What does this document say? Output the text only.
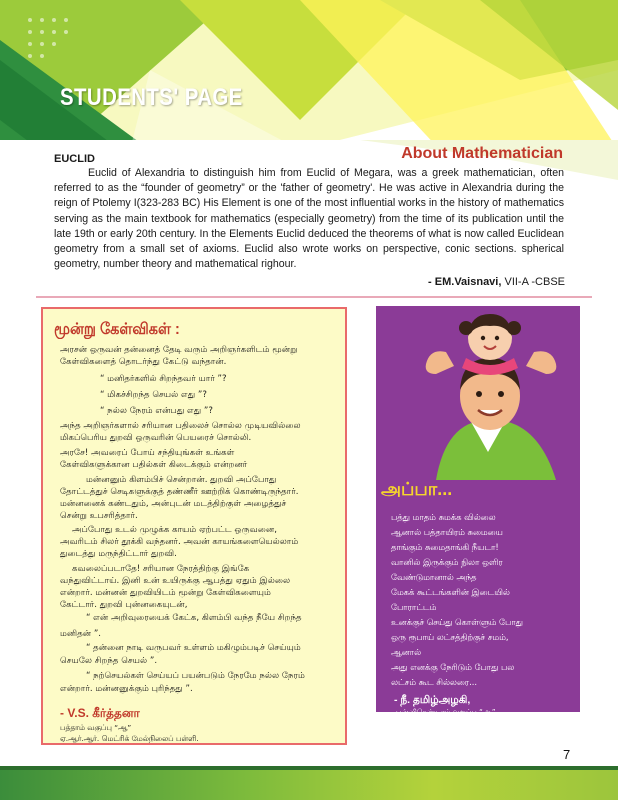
STUDENTS' PAGE
EUCLID	About Mathematician

Euclid of Alexandria to distinguish him from Euclid of Megara, was a greek mathematician, often referred to as the “founder of geometry” or the 'father of geometry'. He was active in Alexandria during the reign of Ptolemy I(323-283 BC) His Element is one of the most influential works in the history of mathematics serving as the main textbook for mathematics (especially geometry) from the time of its publication until the late 19th or early 20th century. In the Elements Euclid deduced the theorems of what is now called Euclidean geometry from a small set of axioms. Euclid also wrote works on perspective, conic sections. spherical geometry, number theory and mathematical righour.

- EM.Vaisnavi, VII-A -CBSE
மூன்று கேள்விகள் :
அரசன் ஒருவன் தன்னைத் தேடி வரும் அறிஞர்களிடம் மூன்று
கேள்விகளைத் தொடர்ந்து கேட்டு வந்தான்.
“ மனிதர்களில் சிறந்தவர் யார் ”?
“ மிகச்சிறந்த செயல் எது ”?
“ நல்ல நேரம் என்பது எது ”?
அந்த அறிஞர்களால் சரியான பதிலைச் சொல்ல முடியவில்லை
மிகப்பெரிய துறவி ஒருவரின் பெயரைச் சொல்லி.
அரசே! அவரைப் போய் சந்தியுங்கள் உங்கள்
கேள்விகளுக்கான பதில்கள் கிடைக்கும் என்றனர்
மன்னனும் கிளம்பிச் சென்றான். துறவி அப்போது
தோட்டத்துச் செடிகளுக்குத் தண்ணீர் ஊற்றிக் கொண்டிருந்தார்.
மன்னனைக் கண்டதும், அன்புடன் மடத்திற்குள் அழைத்துச்
சென்று உபசரித்தார்.
அப்போது உடல் முழுக்க காயம் ஏற்பட்ட ஒருவனை,
அவரிடம் சிலர் தூக்கி வந்தனர். அவன் காயங்களையெல்லாம்
துடைத்து மருந்திட்டார் துறவி.
கவலைப்படாதே! சரியான நேரத்திற்கு இங்கே
வந்துவிட்டாய். இனி உன் உயிருக்கு ஆபத்து ஏதும் இல்லை
என்றார். மன்னன் துறவியிடம் மூன்று கேள்விகளையும்
கேட்டார். துறவி புன்னகையுடன்,
“ என் அறிவுரையைக் கேட்க, கிளம்பி வந்த நீயே சிறந்த
மனிதன் ”.
“ தன்னை நாடி வருபவர் உள்ளம் மகிழும்படிச் செய்யும்
செயலே சிறந்த செயல் ”.
“ நற்செயல்கள் செய்யப் பயன்படும் நேரமே நல்ல நேரம்
என்றார். மன்னனுக்கும் புரிந்தது ”.
- V.S. கீர்த்தனா
பத்தாம் வகுப்பு “ஆ”
ஏ.ஆர்.ஆர். மெட்ரிக் மேல்நிலைப் பள்ளி.
அப்பா...
பத்து மாதம் சுமக்க வில்லை
ஆனால் பத்தாயிரம் சுமையை
தாங்கும் சுமைதாங்கி நீயடா!
வானில் இருக்கும் நிலா ஒளிர
வேண்டுமானால் அந்த
மேகக் கூட்டங்களின் இடையில்
போராட்டம்
உனக்குச் செய்து கொள்ளும் போது
ஒரு ரூபாய் லட்சத்திற்குச் சமம்,
ஆனால்
அது எனக்கு நேரிடும் போது பல
லட்சம் கூட சில்லரை...
- நீ. தமிழ்அழகி,
பன்னிரெண்டாம் வகுப்பு “ஆ”
ஏ.ஆர்.ஆர். மெட்ரிக் மேல்நிலைப் பள்ளி.
7
